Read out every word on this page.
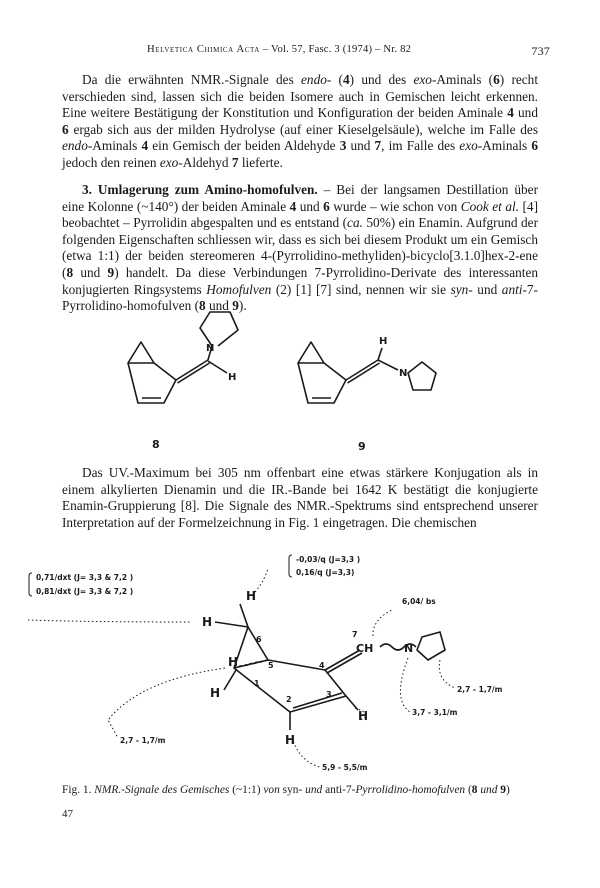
Helvetica Chimica Acta – Vol. 57, Fasc. 3 (1974) – Nr. 82	737

Da die erwähnten NMR.-Signale des endo- (4) und des exo-Aminals (6) recht verschieden sind, lassen sich die beiden Isomere auch in Gemischen leicht erkennen. Eine weitere Bestätigung der Konstitution und Konfiguration der beiden Aminale 4 und 6 ergab sich aus der milden Hydrolyse (auf einer Kieselgelsäule), welche im Falle des endo-Aminals 4 ein Gemisch der beiden Aldehyde 3 und 7, im Falle des exo-Aminals 6 jedoch den reinen exo-Aldehyd 7 lieferte.

3. Umlagerung zum Amino-homofulven. – Bei der langsamen Destillation über eine Kolonne (~140°) der beiden Aminale 4 und 6 wurde – wie schon von Cook et al. [4] beobachtet – Pyrrolidin abgespalten und es entstand (ca. 50%) ein Enamin. Aufgrund der folgenden Eigenschaften schliessen wir, dass es sich bei diesem Produkt um ein Gemisch (etwa 1:1) der beiden stereomeren 4-(Pyrrolidino-methyliden)-bicyclo[3.1.0]hex-2-ene (8 und 9) handelt. Da diese Verbindungen 7-Pyrrolidino-Derivate des interessanten konjugierten Ringsystems Homofulven (2) [1] [7] sind, nennen wir sie syn- und anti-7-Pyrrolidino-homofulven (8 und 9).

N
H
8
H
N
9

Das UV.-Maximum bei 305 nm offenbart eine etwas stärkere Konjugation als in einem alkylierten Dienamin und die IR.-Bande bei 1642 K bestätigt die konjugierte Enamin-Gruppierung [8]. Die Signale des NMR.-Spektrums sind entsprechend unserer Interpretation auf der Formelzeichnung in Fig. 1 eingetragen. Die chemischen

H
H
H
H
H
H
CH	N
6
5
1
2
3
4
7
0,71/dxt (J= 3,3 & 7,2 )
0,81/dxt (J= 3,3 & 7,2 )
-0,03/q (J=3,3 )
0,16/q (J=3,3)
6,04/ bs
2,7 - 1,7/m
3,7 - 3,1/m
2,7 - 1,7/m
5,9 - 5,5/m
Fig. 1. NMR.-Signale des Gemisches (~1:1) von syn- und anti-7-Pyrrolidino-homofulven (8 und 9)
47
